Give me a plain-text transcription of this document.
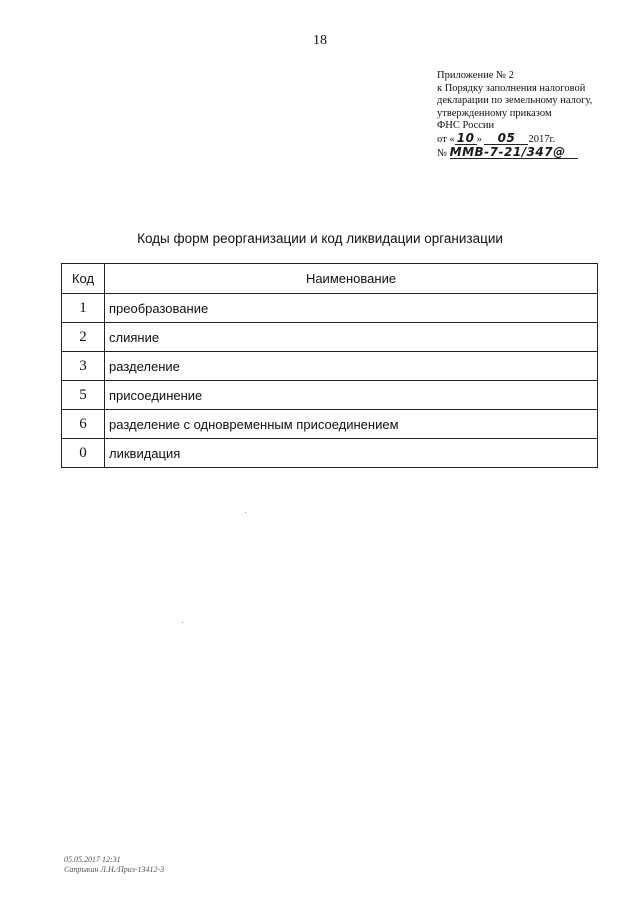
18
Приложение № 2
к Порядку заполнения налоговой
декларации по земельному налогу,
утвержденному приказом
ФНС России
от « 10 » 05 2017г.
№ ММВ-7-21/347@
Коды форм реорганизации и код ликвидации организации
Код	Наименование
1	преобразование
2	слияние
3	разделение
5	присоединение
6	разделение с одновременным присоединением
0	ликвидация
05.05.2017 12:31
Сапрыкин Л.Н./Приз-13412-3
